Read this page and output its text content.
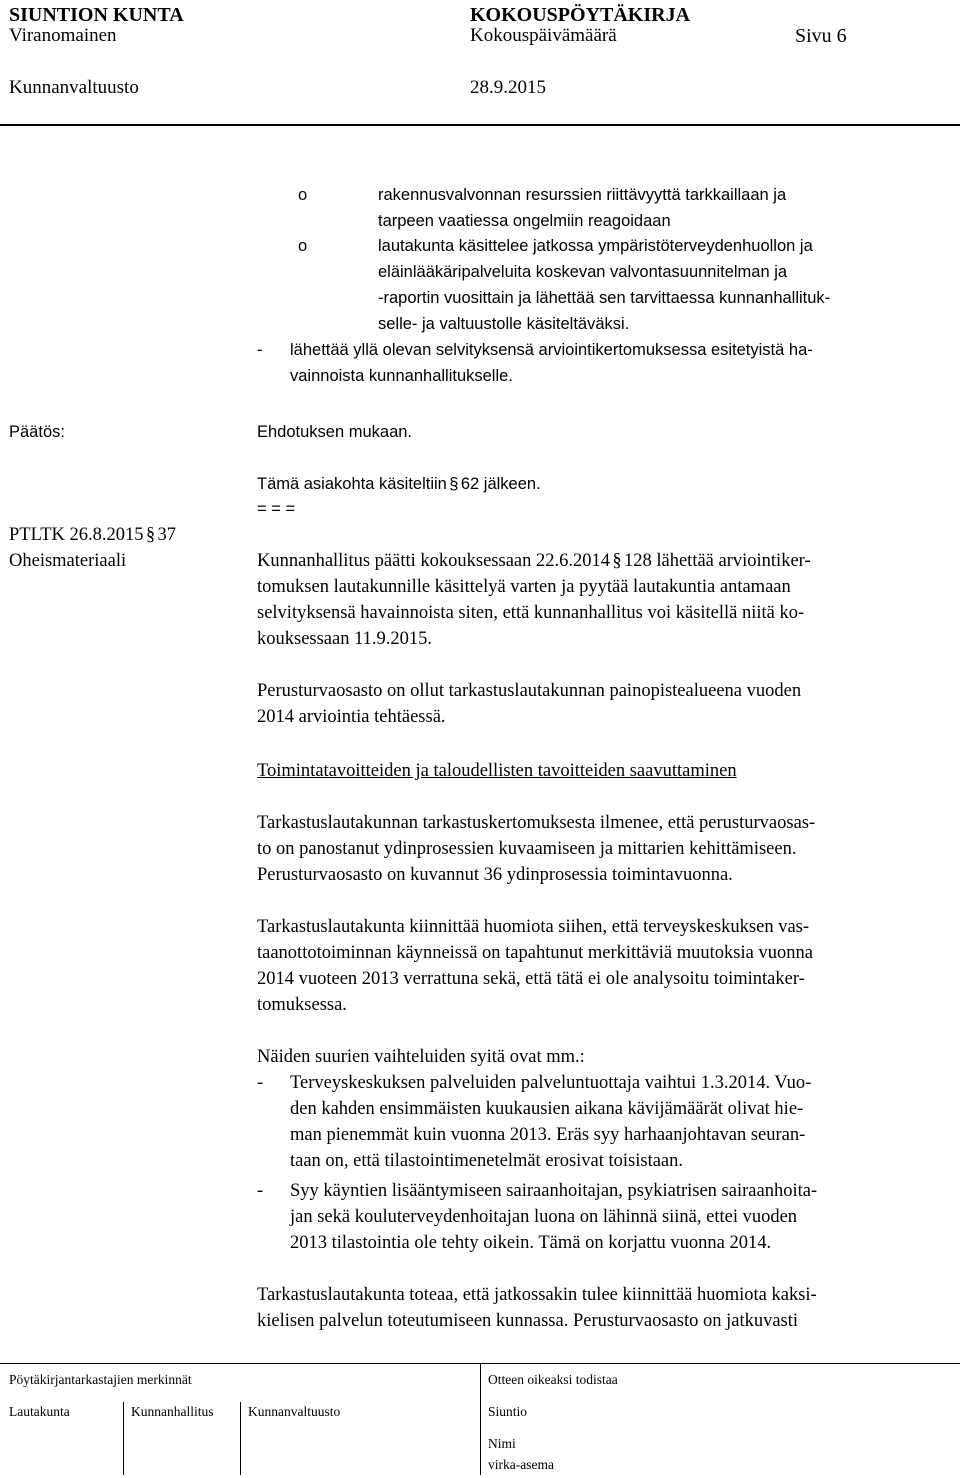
SIUNTION KUNTA	KOKOUSPÖYTÄKIRJA
Viranomainen	Kokouspäivämäärä	Sivu 6
Kunnanvaltuusto	28.9.2015
o	rakennusvalvonnan resurssien riittävyyttä tarkkaillaan ja
tarpeen vaatiessa ongelmiin reagoidaan
o	lautakunta käsittelee jatkossa ympäristöterveydenhuollon ja
eläinlääkäripalveluita koskevan valvontasuunnitelman ja
-raportin vuosittain ja lähettää sen tarvittaessa kunnanhallituk-
selle- ja valtuustolle käsiteltäväksi.
- lähettää yllä olevan selvityksensä arviointikertomuksessa esitetyistä ha-
vainnoista kunnanhallitukselle.
Päätös:	Ehdotuksen mukaan.
Tämä asiakohta käsiteltiin § 62 jälkeen.
= = =
PTLTK 26.8.2015 § 37
Oheismateriaali	Kunnanhallitus päätti kokouksessaan 22.6.2014 § 128 lähettää arviointiker-
tomuksen lautakunnille käsittelyä varten ja pyytää lautakuntia antamaan
selvityksensä havainnoista siten, että kunnanhallitus voi käsitellä niitä ko-
kouksessaan 11.9.2015.
Perusturvaosasto on ollut tarkastuslautakunnan painopistealueena vuoden
2014 arviointia tehtäessä.
Toimintatavoitteiden ja taloudellisten tavoitteiden saavuttaminen
Tarkastuslautakunnan tarkastuskertomuksesta ilmenee, että perusturvaosas-
to on panostanut ydinprosessien kuvaamiseen ja mittarien kehittämiseen.
Perusturvaosasto on kuvannut 36 ydinprosessia toimintavuonna.
Tarkastuslautakunta kiinnittää huomiota siihen, että terveyskeskuksen vas-
taanottotoiminnan käynneissä on tapahtunut merkittäviä muutoksia vuonna
2014 vuoteen 2013 verrattuna sekä, että tätä ei ole analysoitu toimintaker-
tomuksessa.
Näiden suurien vaihteluiden syitä ovat mm.:
- Terveyskeskuksen palveluiden palveluntuottaja vaihtui 1.3.2014. Vuo-
den kahden ensimmäisten kuukausien aikana kävijämäärät olivat hie-
man pienemmät kuin vuonna 2013. Eräs syy harhaanjohtavan seuran-
taan on, että tilastointimenetelmät erosivat toisistaan.
- Syy käyntien lisääntymiseen sairaanhoitajan, psykiatrisen sairaanhoita-
jan sekä kouluterveydenhoitajan luona on lähinnä siinä, ettei vuoden
2013 tilastointia ole tehty oikein. Tämä on korjattu vuonna 2014.
Tarkastuslautakunta toteaa, että jatkossakin tulee kiinnittää huomiota kaksi-
kielisen palvelun toteutumiseen kunnassa. Perusturvaosasto on jatkuvasti
Pöytäkirjantarkastajien merkinnät	Otteen oikeaksi todistaa
Lautakunta	Kunnanhallitus	Kunnanvaltuusto	Siuntio
Nimi
virka-asema
